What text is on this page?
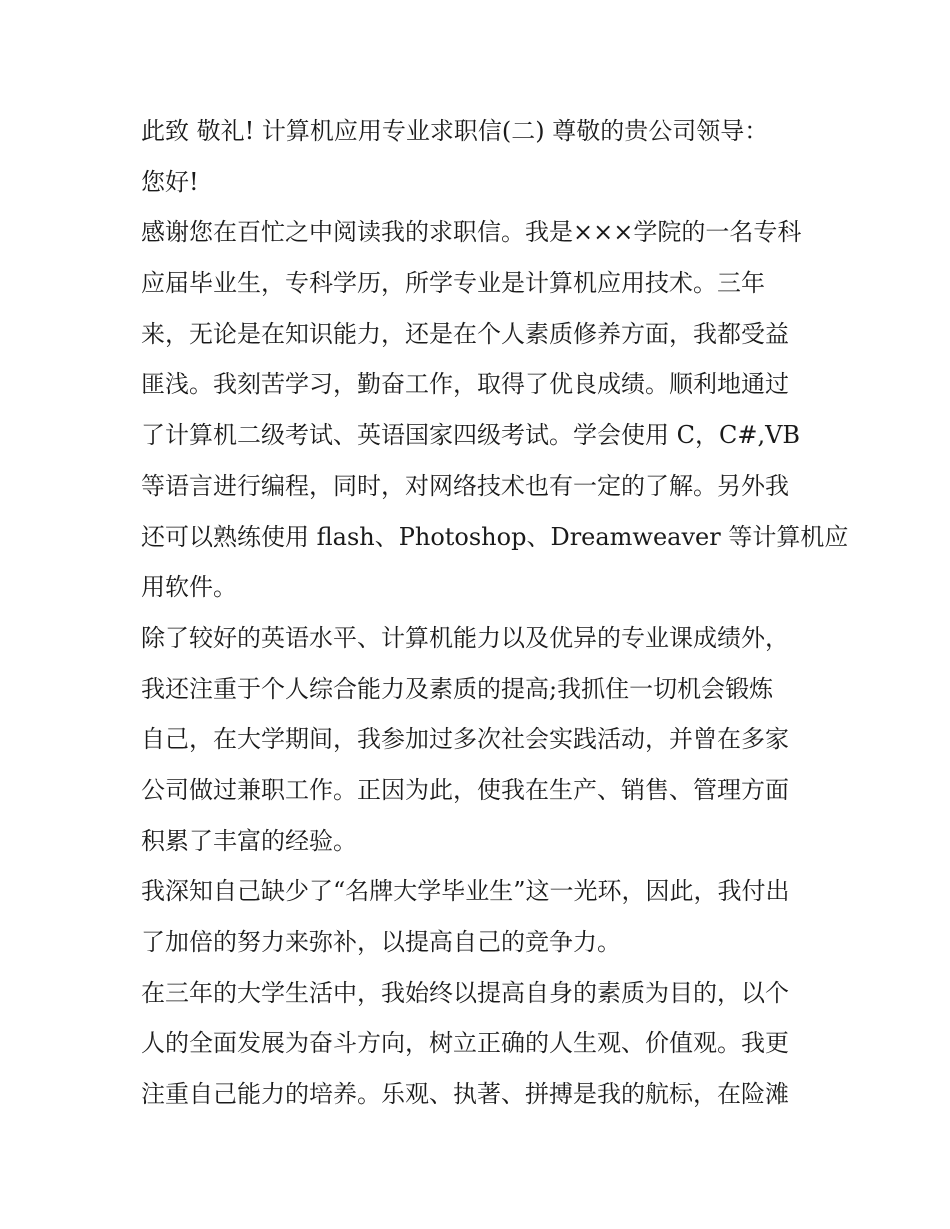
此致 敬礼! 计算机应用专业求职信(二) 尊敬的贵公司领导：
您好!
感谢您在百忙之中阅读我的求职信。我是×××学院的一名专科
应届毕业生，专科学历，所学专业是计算机应用技术。三年
来，无论是在知识能力，还是在个人素质修养方面，我都受益
匪浅。我刻苦学习，勤奋工作，取得了优良成绩。顺利地通过
了计算机二级考试、英语国家四级考试。学会使用 C，C#,VB
等语言进行编程，同时，对网络技术也有一定的了解。另外我
还可以熟练使用 flash、Photoshop、Dreamweaver 等计算机应
用软件。
除了较好的英语水平、计算机能力以及优异的专业课成绩外，
我还注重于个人综合能力及素质的提高;我抓住一切机会锻炼
自己，在大学期间，我参加过多次社会实践活动，并曾在多家
公司做过兼职工作。正因为此，使我在生产、销售、管理方面
积累了丰富的经验。
我深知自己缺少了“名牌大学毕业生”这一光环，因此，我付出
了加倍的努力来弥补，以提高自己的竞争力。
在三年的大学生活中，我始终以提高自身的素质为目的，以个
人的全面发展为奋斗方向，树立正确的人生观、价值观。我更
注重自己能力的培养。乐观、执著、拼搏是我的航标，在险滩
